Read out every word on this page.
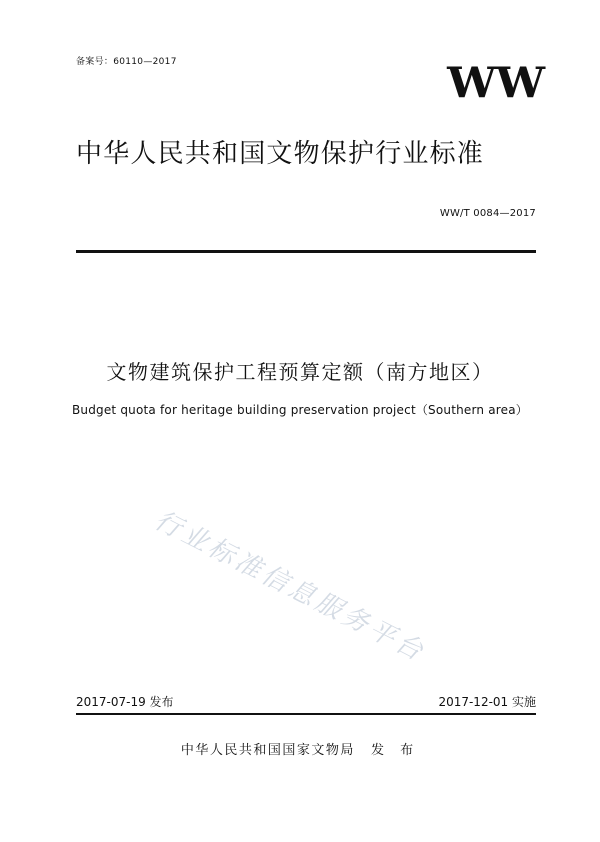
备案号：60110—2017	WW
中华人民共和国文物保护行业标准
WW/T 0084—2017
文物建筑保护工程预算定额（南方地区）
Budget quota for heritage building preservation project（Southern area）
行业标准信息服务平台
2017-07-19 发布	2017-12-01 实施
中华人民共和国国家文物局 发 布
